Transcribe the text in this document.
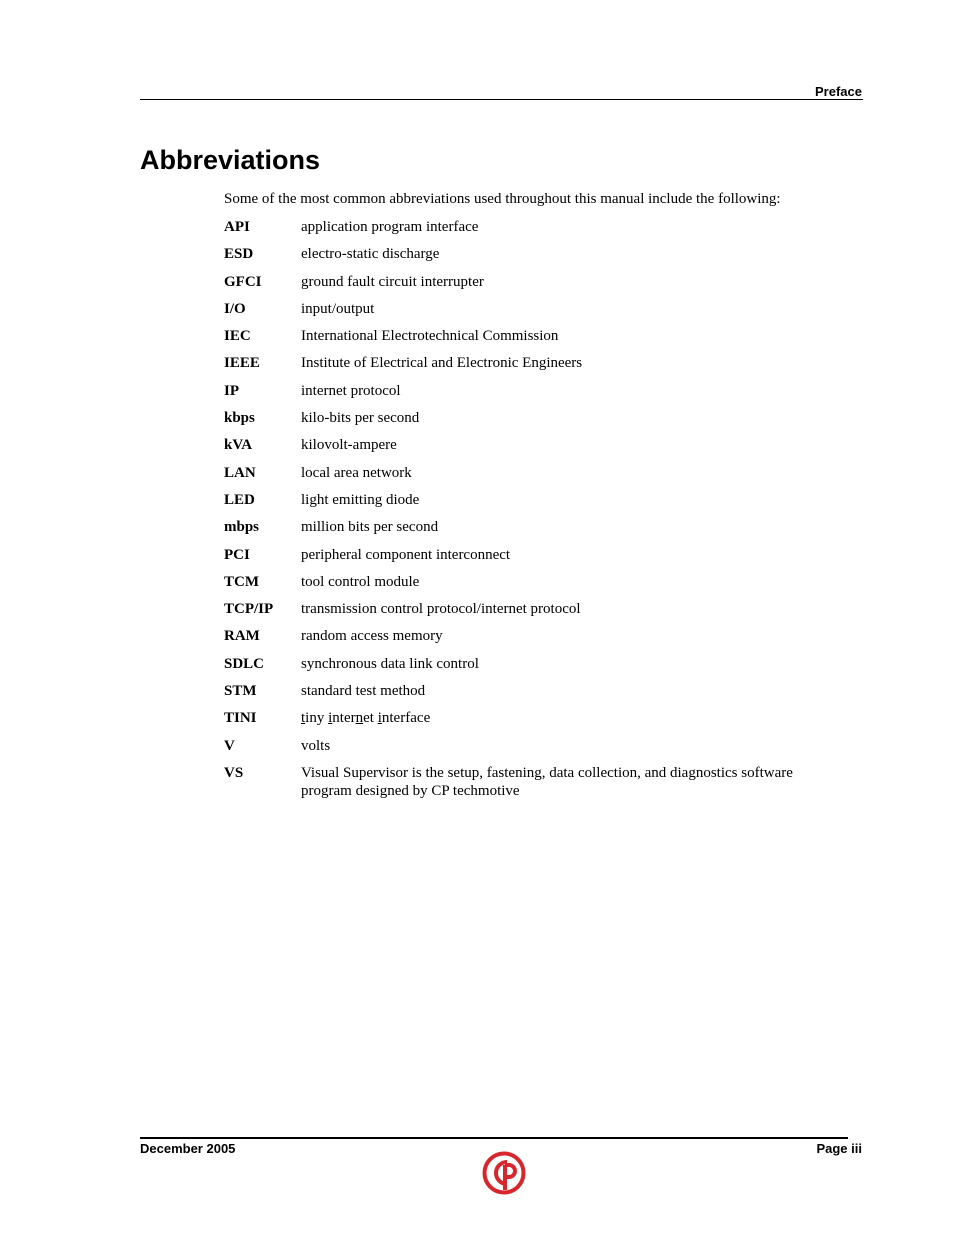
Preface
Abbreviations

Some of the most common abbreviations used throughout this manual include the following:

API	application program interface
ESD	electro-static discharge
GFCI	ground fault circuit interrupter
I/O	input/output
IEC	International Electrotechnical Commission
IEEE	Institute of Electrical and Electronic Engineers
IP	internet protocol
kbps	kilo-bits per second
kVA	kilovolt-ampere
LAN	local area network
LED	light emitting diode
mbps	million bits per second
PCI	peripheral component interconnect
TCM	tool control module
TCP/IP	transmission control protocol/internet protocol
RAM	random access memory
SDLC	synchronous data link control
STM	standard test method
TINI	tiny internet interface
V	volts
VS	Visual Supervisor is the setup, fastening, data collection, and diagnostics software program designed by CP techmotive
December 2005	Page iii
